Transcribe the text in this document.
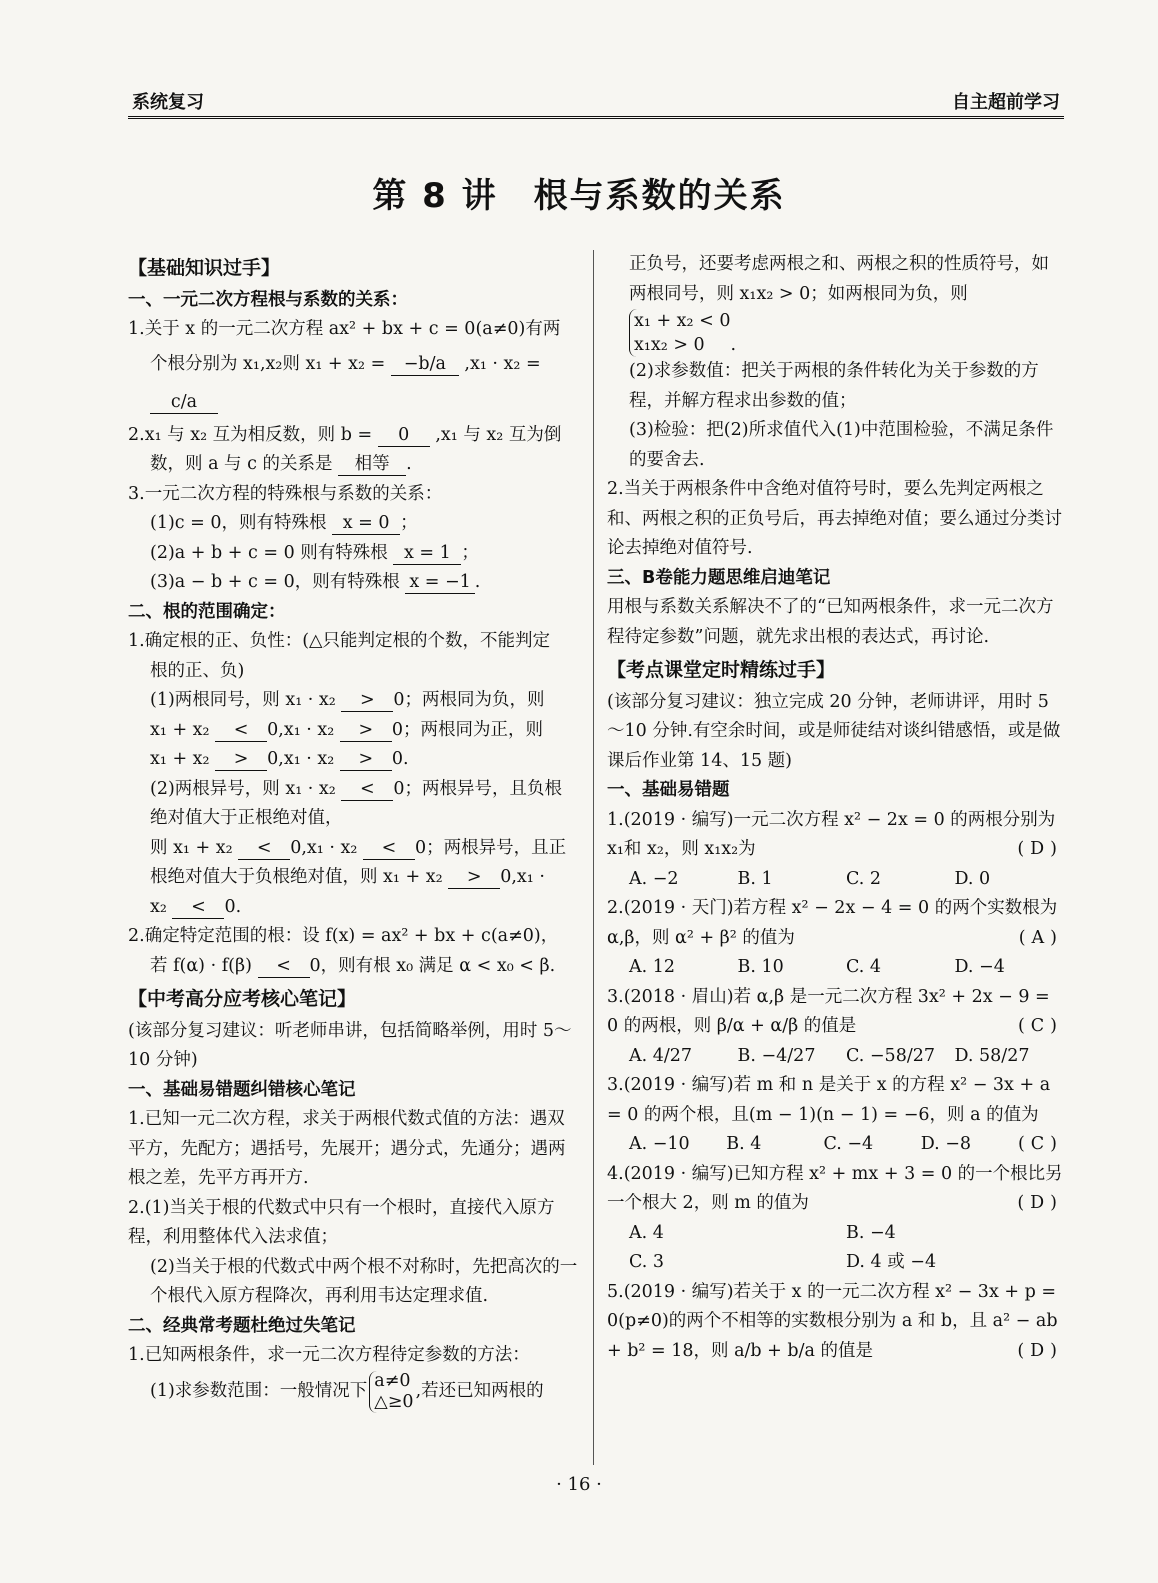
系统复习	自主超前学习
第 8 讲　根与系数的关系

【基础知识过手】

一、一元二次方程根与系数的关系：

1.关于 x 的一元二次方程 ax² + bx + c = 0(a≠0)有两

个根分别为 x₁,x₂则 x₁ + x₂ = −b/a ,x₁ · x₂ =

c/a

2.x₁ 与 x₂ 互为相反数，则 b = 0 ,x₁ 与 x₂ 互为倒

数，则 a 与 c 的关系是 相等 .

3.一元二次方程的特殊根与系数的关系：

(1)c = 0，则有特殊根 x = 0 ；

(2)a + b + c = 0 则有特殊根 x = 1 ；

(3)a − b + c = 0，则有特殊根 x = −1 .

二、根的范围确定：

1.确定根的正、负性：(△只能判定根的个数，不能判定

根的正、负)

(1)两根同号，则 x₁ · x₂ > 0；两根同为负，则

x₁ + x₂ < 0,x₁ · x₂ > 0；两根同为正，则

x₁ + x₂ > 0,x₁ · x₂ > 0.

(2)两根异号，则 x₁ · x₂ < 0；两根异号，且负根

绝对值大于正根绝对值，

则 x₁ + x₂ < 0,x₁ · x₂ < 0；两根异号，且正

根绝对值大于负根绝对值，则 x₁ + x₂ > 0,x₁ ·

x₂ < 0.

2.确定特定范围的根：设 f(x) = ax² + bx + c(a≠0)，

若 f(α) · f(β) < 0，则有根 x₀ 满足 α < x₀ < β.

【中考高分应考核心笔记】

(该部分复习建议：听老师串讲，包括简略举例，用时 5～10 分钟)

一、基础易错题纠错核心笔记

1.已知一元二次方程，求关于两根代数式值的方法：遇双平方，先配方；遇括号，先展开；遇分式，先通分；遇两根之差，先平方再开方.

2.(1)当关于根的代数式中只有一个根时，直接代入原方程，利用整体代入法求值；

(2)当关于根的代数式中两个根不对称时，先把高次的一个根代入原方程降次，再利用韦达定理求值.

二、经典常考题杜绝过失笔记

1.已知两根条件，求一元二次方程待定参数的方法：

(1)求参数范围：一般情况下
a≠0
△≥0
,若还已知两根的

正负号，还要考虑两根之和、两根之积的性质符号，如两根同号，则 x₁x₂ > 0；如两根同为负，则

x₁ + x₂ < 0
x₁x₂ > 0	.

(2)求参数值：把关于两根的条件转化为关于参数的方程，并解方程求出参数的值；

(3)检验：把(2)所求值代入(1)中范围检验，不满足条件的要舍去.

2.当关于两根条件中含绝对值符号时，要么先判定两根之和、两根之积的正负号后，再去掉绝对值；要么通过分类讨论去掉绝对值符号.

三、B卷能力题思维启迪笔记

用根与系数关系解决不了的“已知两根条件，求一元二次方程待定参数”问题，就先求出根的表达式，再讨论.

【考点课堂定时精练过手】

(该部分复习建议：独立完成 20 分钟，老师讲评，用时 5～10 分钟.有空余时间，或是师徒结对谈纠错感悟，或是做课后作业第 14、15 题)

一、基础易错题

1.(2019 · 编写)一元二次方程 x² − 2x = 0 的两根分别为 x₁和 x₂，则 x₁x₂为	(D)

A. −2	B. 1	C. 2	D. 0

2.(2019 · 天门)若方程 x² − 2x − 4 = 0 的两个实数根为 α,β，则 α² + β² 的值为	(A)

A. 12	B. 10	C. 4	D. −4

3.(2018 · 眉山)若 α,β 是一元二次方程 3x² + 2x − 9 = 0 的两根，则 β/α + α/β 的值是	(C)

A. 4/27	B. −4/27	C. −58/27	D. 58/27

3.(2019 · 编写)若 m 和 n 是关于 x 的方程 x² − 3x + a = 0 的两个根，且(m − 1)(n − 1) = −6，则 a 的值为
(C)

A. −10	B. 4	C. −4	D. −8

4.(2019 · 编写)已知方程 x² + mx + 3 = 0 的一个根比另一个根大 2，则 m 的值为	(D)

A. 4	B. −4
C. 3	D. 4 或 −4

5.(2019 · 编写)若关于 x 的一元二次方程 x² − 3x + p = 0(p≠0)的两个不相等的实数根分别为 a 和 b，且 a² − ab + b² = 18，则 a/b + b/a 的值是	(D)

· 16 ·
